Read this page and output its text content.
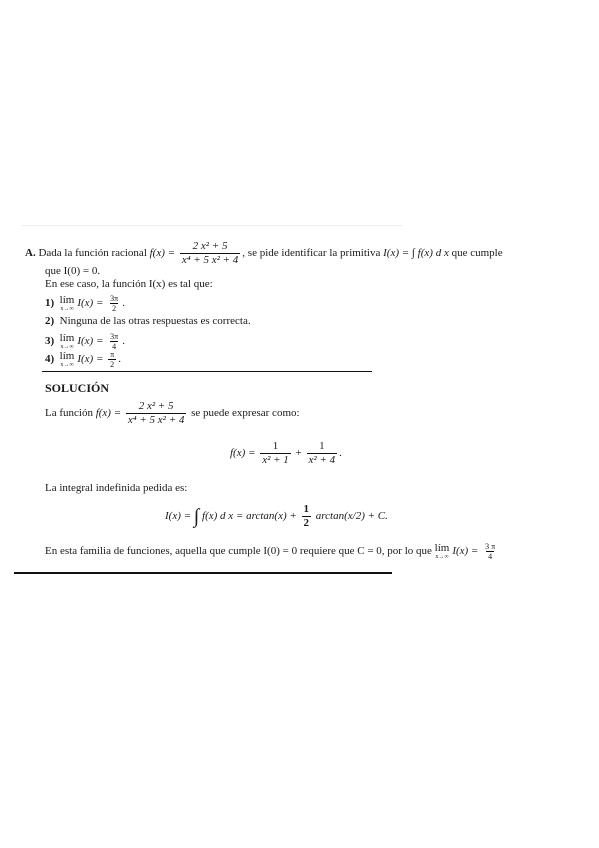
A. Dada la función racional $f(x) = \frac{\text{2 x² + 5}}{\text{x⁴ + 5 x² + 4}}$ , se pide identificar la primitiva I(x) = ∫ f(x) d x que cumple
que I(0) = 0.
En ese caso, la función I(x) es tal que:
1) lím
x→∞ $I(x) = \frac{3\pi}{2}$ .
2) Ninguna de las otras respuestas es correcta.
3) lím
x→∞ $I(x) = \frac{3\pi}{4}$ .
4) lím
x→∞ $I(x) = \frac{\pi}{2}$ .
SOLUCIÓN
La función $f(x) = \frac{\text{2 x² + 5}}{\text{x⁴ + 5 x² + 4}}$ se puede expresar como:
$f(x) = \frac{1}{\text{x² + 1}} + \frac{1}{\text{x² + 4}}$ .
La integral indefinida pedida es:
I(x) = ∫ f(x) d $x = \arctan(x) + \frac{1}{2} \arctan(x/2) + C$.
En esta familia de funciones, aquella que cumple I(0) = 0 requiere que C = 0, por lo que lím
x→∞ $I(x) = \frac{3 \pi}{4}$
